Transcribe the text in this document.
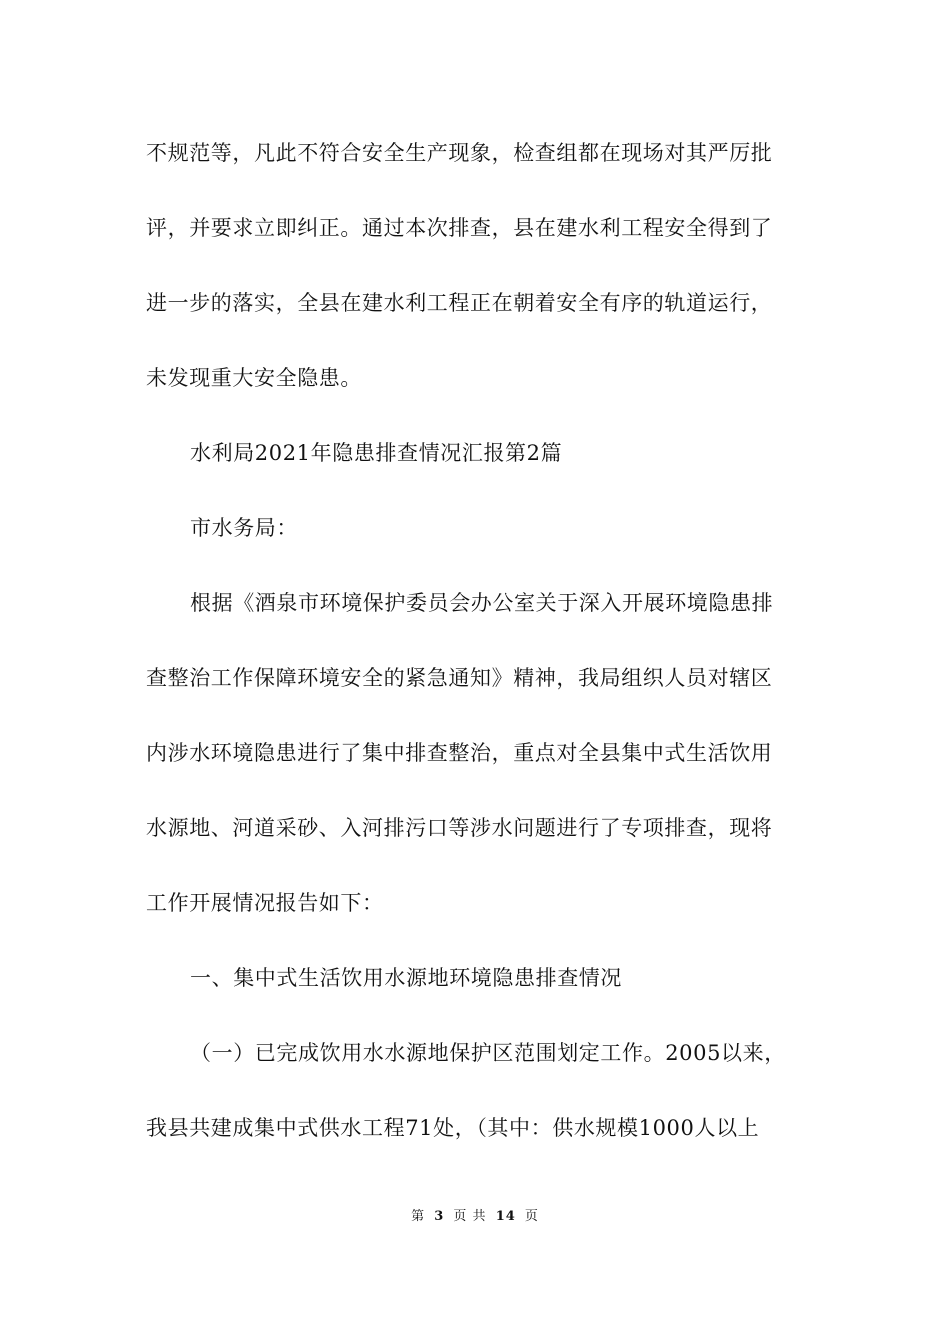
不规范等，凡此不符合安全生产现象，检查组都在现场对其严厉批
评，并要求立即纠正。通过本次排查，县在建水利工程安全得到了
进一步的落实，全县在建水利工程正在朝着安全有序的轨道运行，
未发现重大安全隐患。
水利局2021年隐患排查情况汇报第2篇
市水务局：
根据《酒泉市环境保护委员会办公室关于深入开展环境隐患排
查整治工作保障环境安全的紧急通知》精神，我局组织人员对辖区
内涉水环境隐患进行了集中排查整治，重点对全县集中式生活饮用
水源地、河道采砂、入河排污口等涉水问题进行了专项排查，现将
工作开展情况报告如下：
一、集中式生活饮用水源地环境隐患排查情况
（一）已完成饮用水水源地保护区范围划定工作。2005以来，
我县共建成集中式供水工程71处，（其中：供水规模1000人以上
第 3 页 共 14 页
